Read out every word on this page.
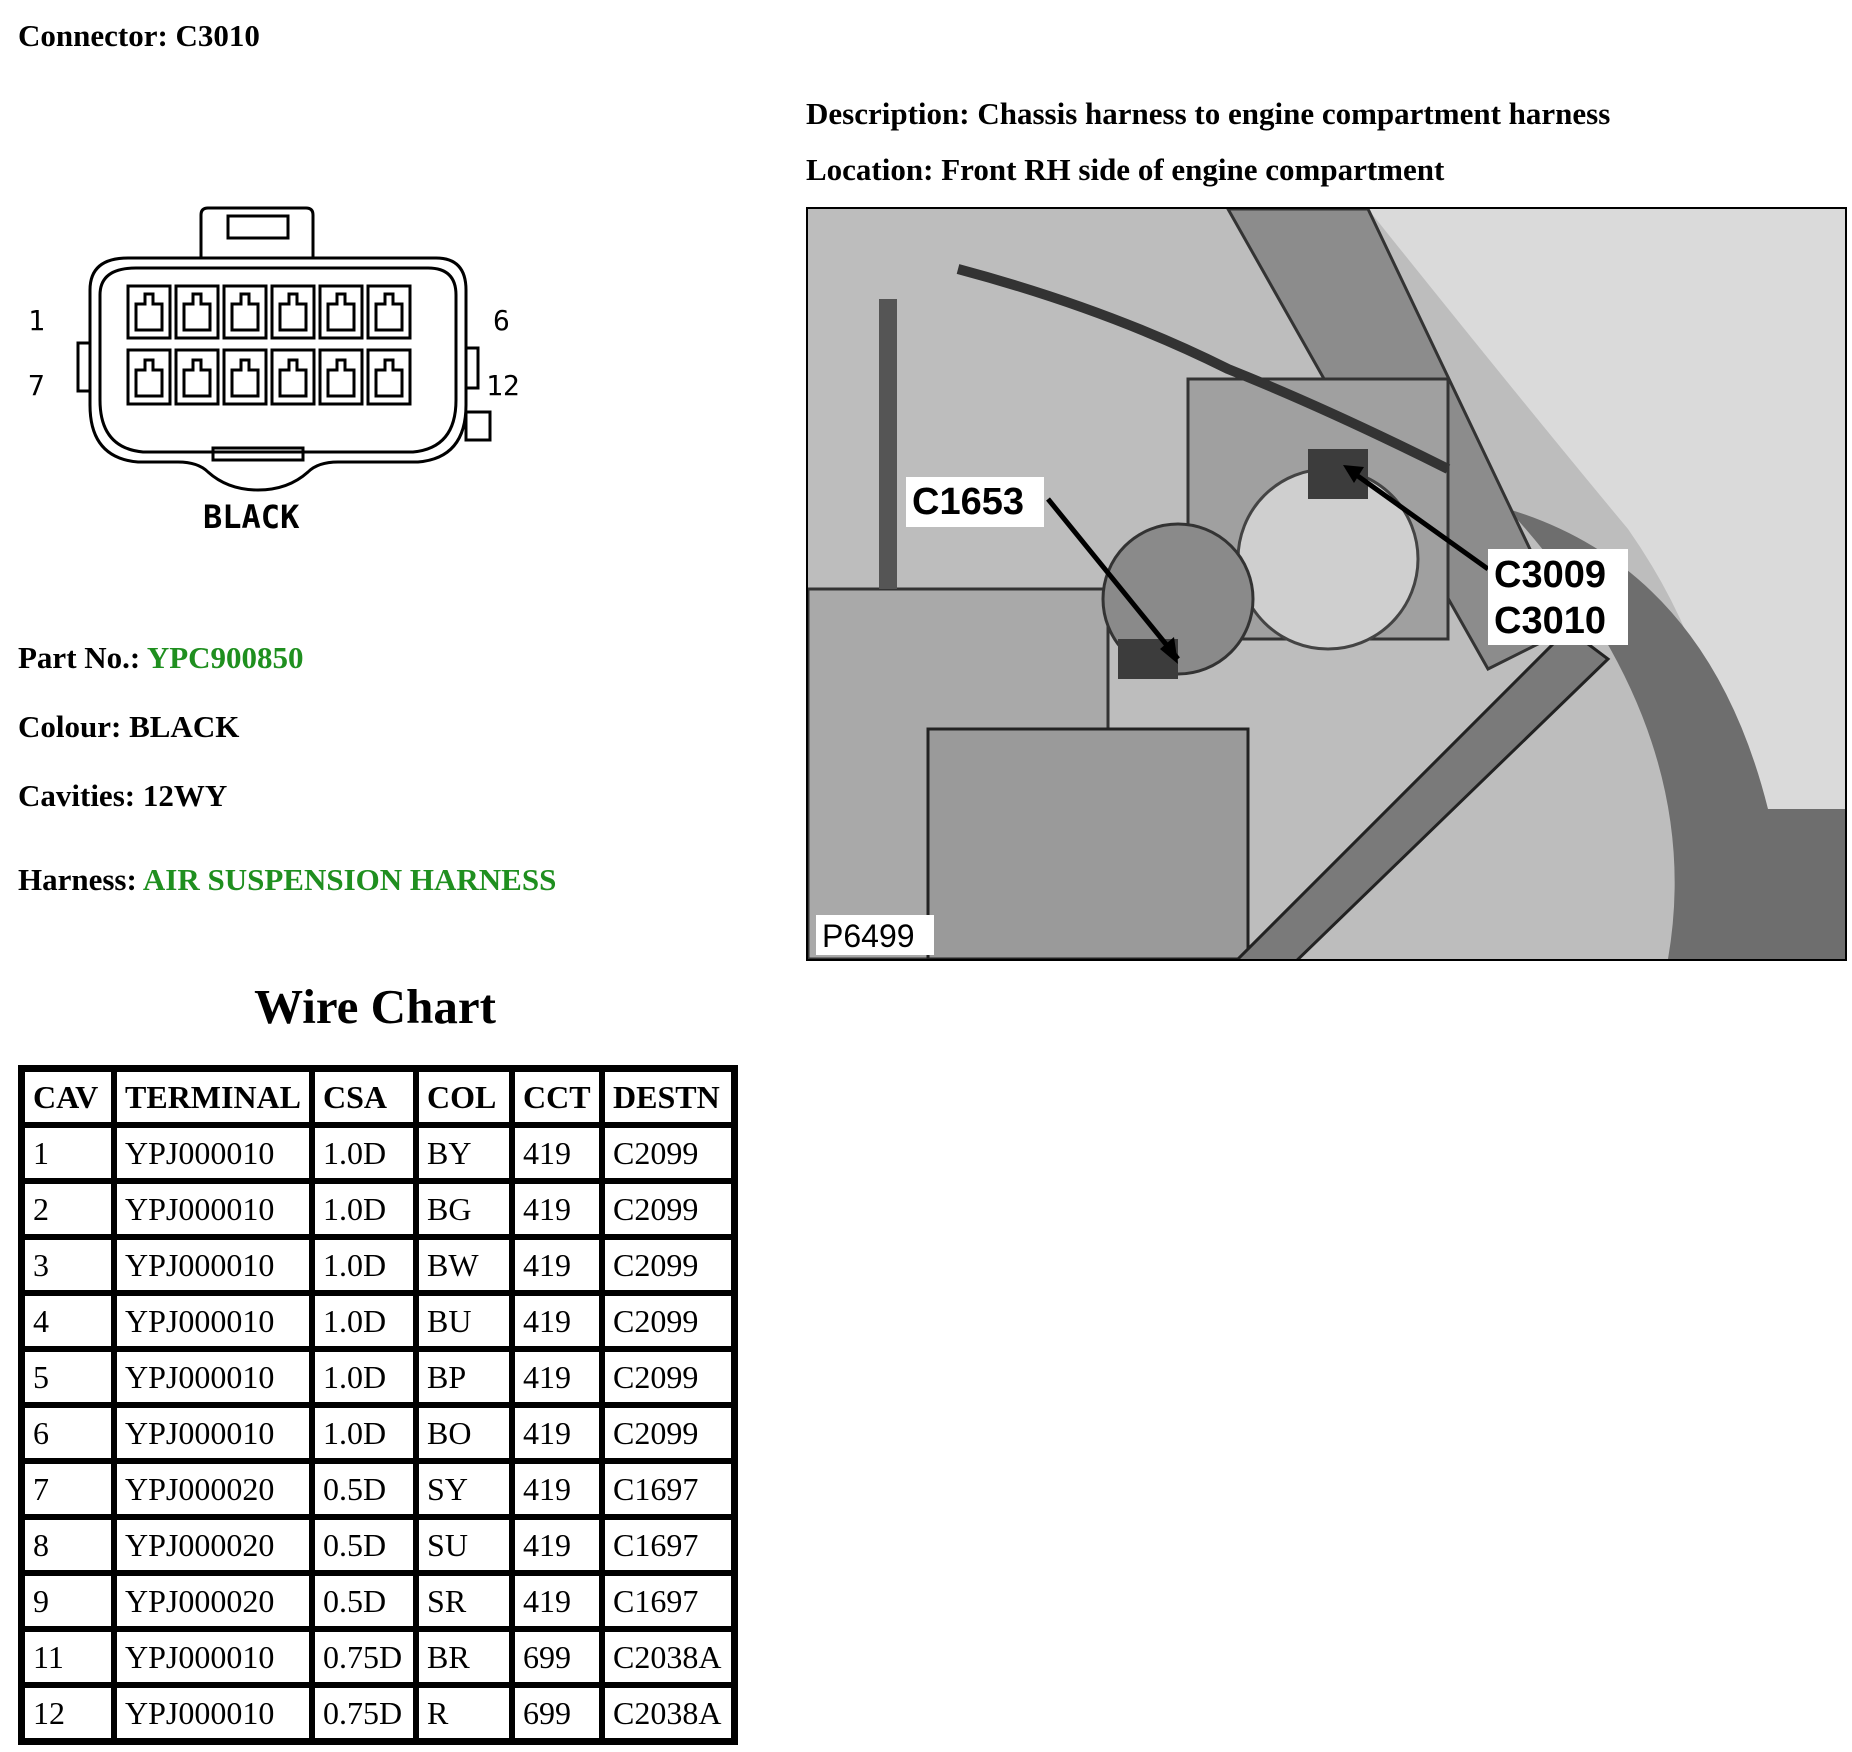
Connector: C3010
Description: Chassis harness to engine compartment harness
Location: Front RH side of engine compartment
1	6
7	12
BLACK
Part No.: YPC900850
Colour: BLACK
Cavities: 12WY
Harness: AIR SUSPENSION HARNESS
C1653
C3009
C3010
P6499
Wire Chart
CAV	TERMINAL	CSA	COL	CCT	DESTN
1	YPJ000010	1.0D	BY	419	C2099
2	YPJ000010	1.0D	BG	419	C2099
3	YPJ000010	1.0D	BW	419	C2099
4	YPJ000010	1.0D	BU	419	C2099
5	YPJ000010	1.0D	BP	419	C2099
6	YPJ000010	1.0D	BO	419	C2099
7	YPJ000020	0.5D	SY	419	C1697
8	YPJ000020	0.5D	SU	419	C1697
9	YPJ000020	0.5D	SR	419	C1697
11	YPJ000010	0.75D	BR	699	C2038A
12	YPJ000010	0.75D	R	699	C2038A
